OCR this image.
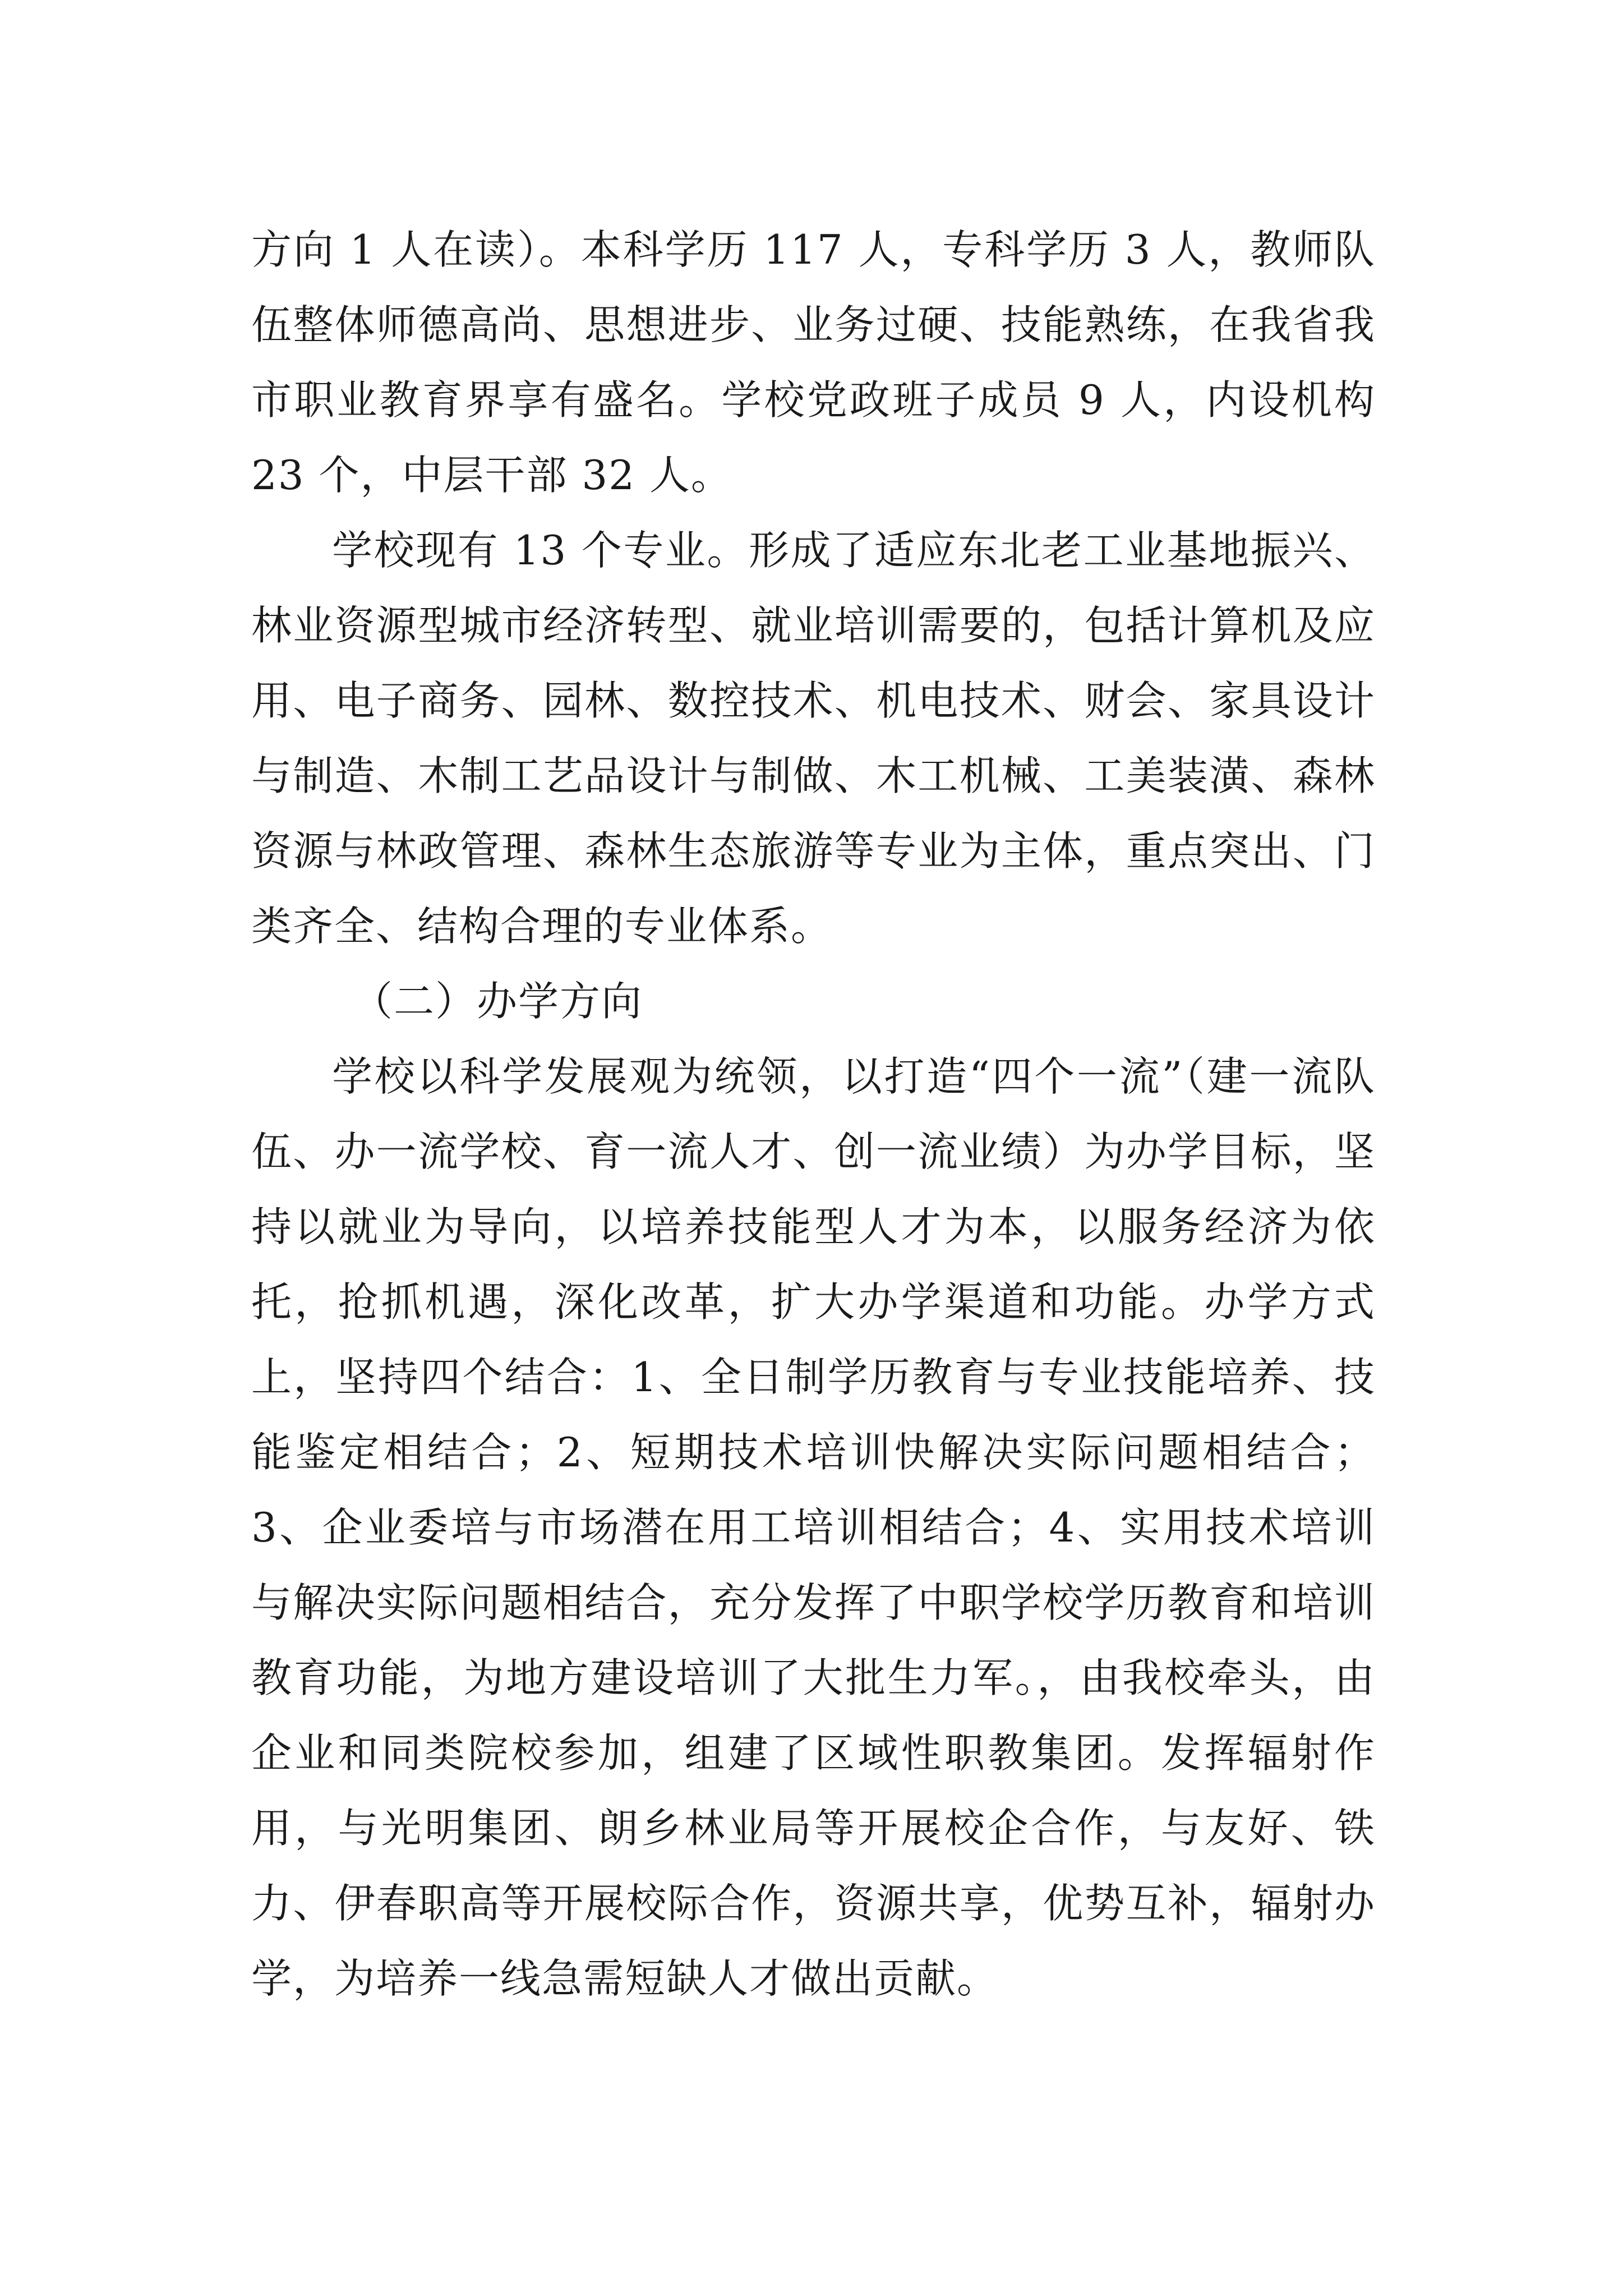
方向 1 人在读）。本科学历 117 人，专科学历 3 人，教师队伍整体师德高尚、思想进步、业务过硬、技能熟练，在我省我市职业教育界享有盛名。学校党政班子成员 9 人，内设机构 23 个，中层干部 32 人。

学校现有 13 个专业。形成了适应东北老工业基地振兴、林业资源型城市经济转型、就业培训需要的，包括计算机及应用、电子商务、园林、数控技术、机电技术、财会、家具设计与制造、木制工艺品设计与制做、木工机械、工美装潢、森林资源与林政管理、森林生态旅游等专业为主体，重点突出、门类齐全、结构合理的专业体系。

（二）办学方向

学校以科学发展观为统领，以打造“四个一流”（建一流队伍、办一流学校、育一流人才、创一流业绩）为办学目标，坚持以就业为导向，以培养技能型人才为本，以服务经济为依托，抢抓机遇，深化改革，扩大办学渠道和功能。办学方式上，坚持四个结合：1、全日制学历教育与专业技能培养、技能鉴定相结合；2、短期技术培训快解决实际问题相结合；3、企业委培与市场潜在用工培训相结合；4、实用技术培训与解决实际问题相结合，充分发挥了中职学校学历教育和培训教育功能，为地方建设培训了大批生力军。，由我校牵头，由企业和同类院校参加，组建了区域性职教集团。发挥辐射作用，与光明集团、朗乡林业局等开展校企合作，与友好、铁力、伊春职高等开展校际合作，资源共享，优势互补，辐射办学，为培养一线急需短缺人才做出贡献。
